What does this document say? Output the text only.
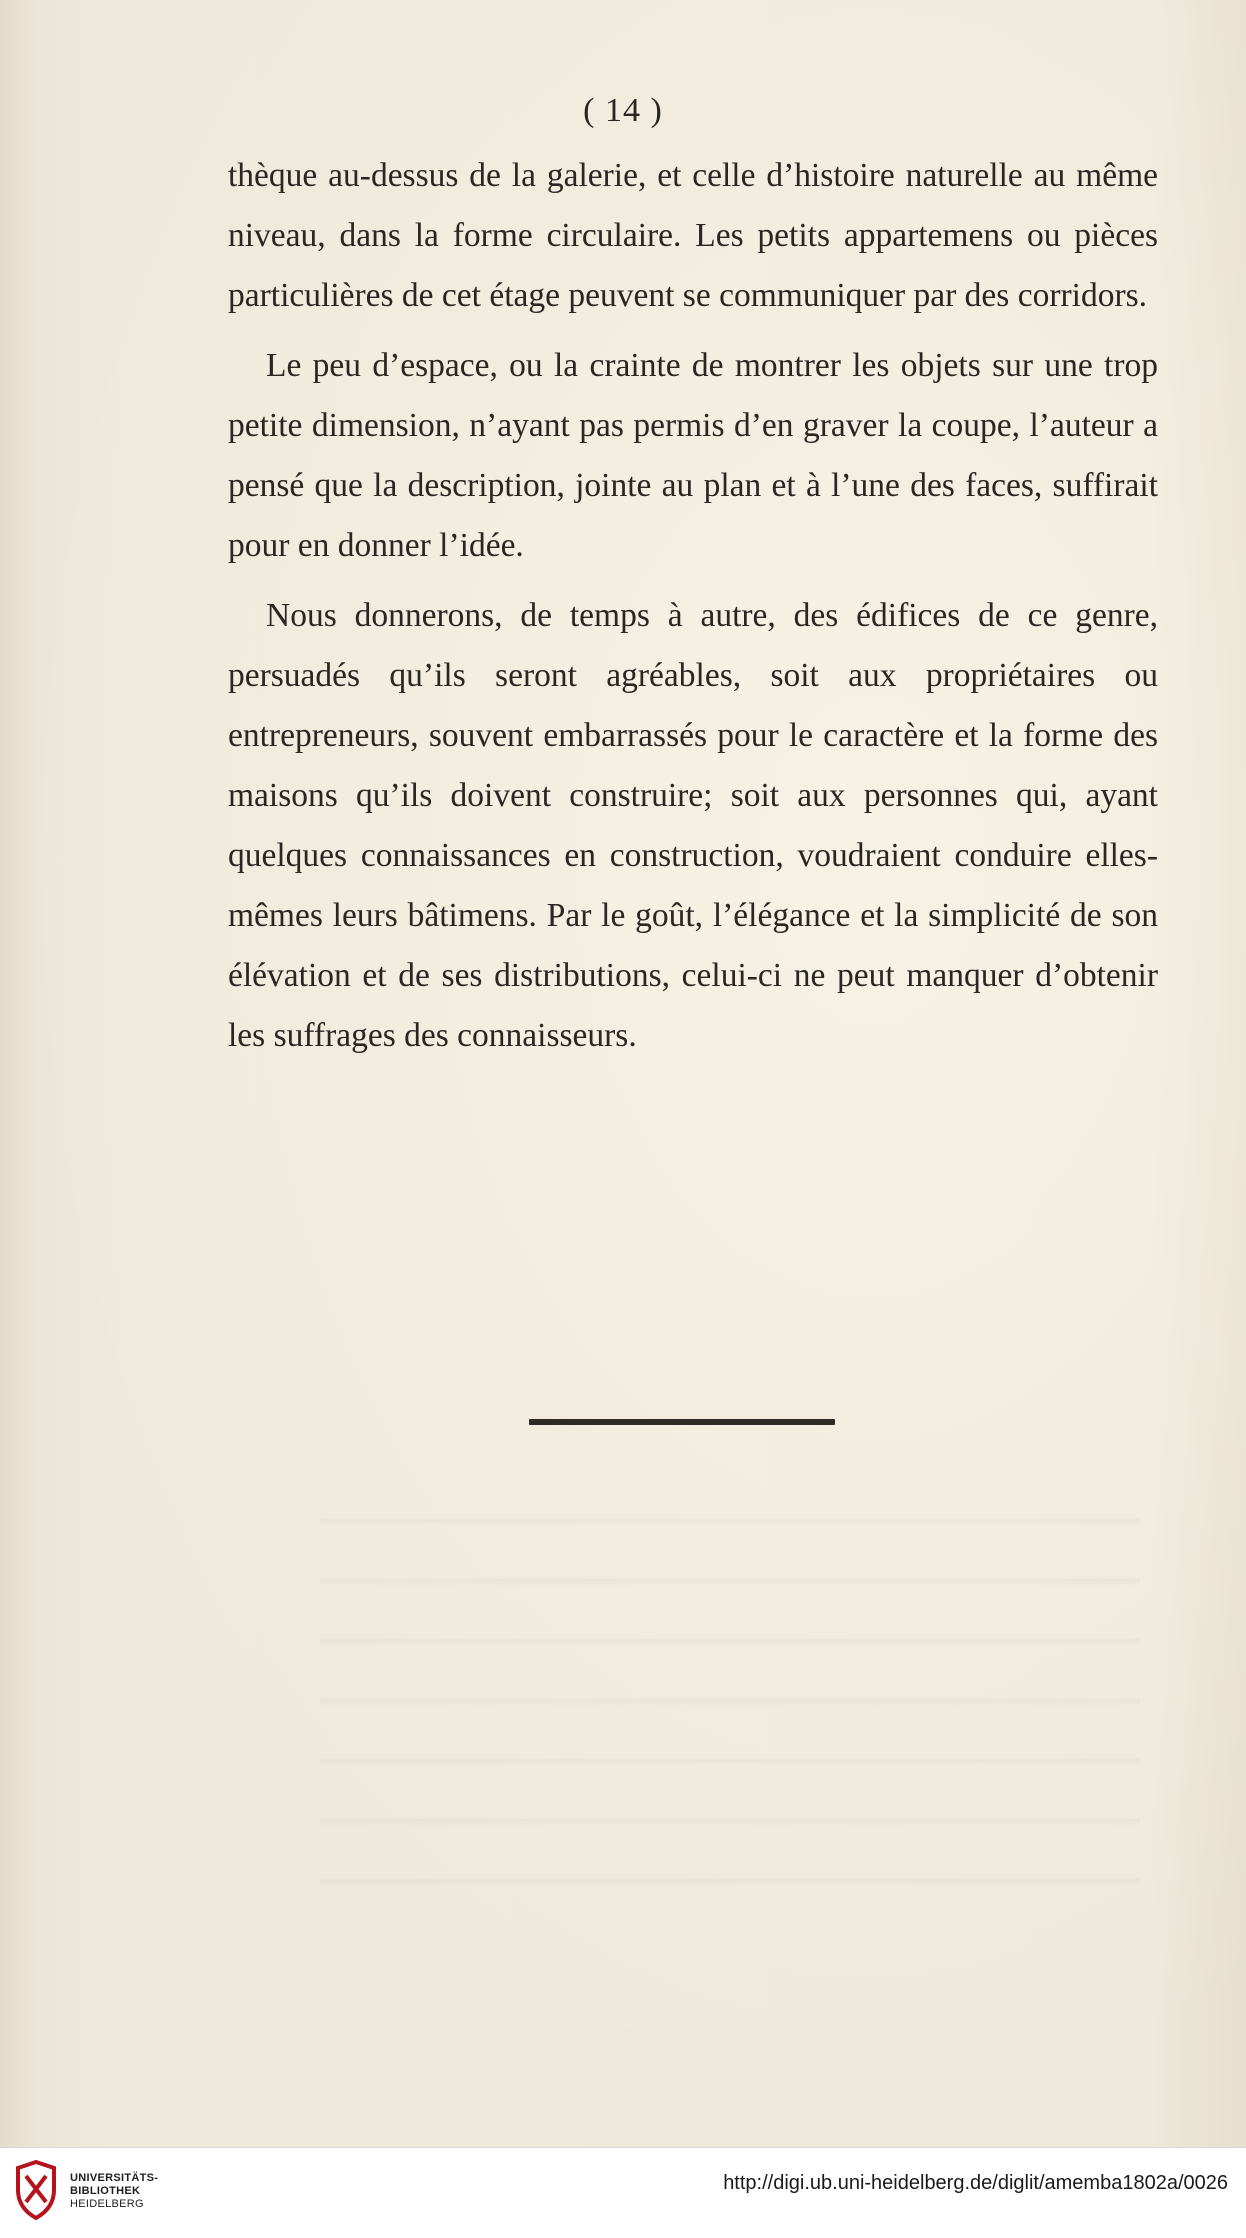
( 14 )

thèque au-dessus de la galerie, et celle d’histoire naturelle au même niveau, dans la forme circulaire. Les petits appartemens ou pièces particulières de cet étage peuvent se communiquer par des corridors.

Le peu d’espace, ou la crainte de montrer les objets sur une trop petite dimension, n’ayant pas permis d’en graver la coupe, l’auteur a pensé que la description, jointe au plan et à l’une des faces, suffirait pour en donner l’idée.

Nous donnerons, de temps à autre, des édifices de ce genre, persuadés qu’ils seront agréables, soit aux propriétaires ou entrepreneurs, souvent embarrassés pour le caractère et la forme des maisons qu’ils doivent construire; soit aux personnes qui, ayant quelques connaissances en construction, voudraient conduire elles-mêmes leurs bâtimens. Par le goût, l’élégance et la simplicité de son élévation et de ses distributions, celui-ci ne peut manquer d’obtenir les suffrages des connaisseurs.

UNIVERSITÄTS-
BIBLIOTHEK
HEIDELBERG
http://digi.ub.uni-heidelberg.de/diglit/amemba1802a/0026
